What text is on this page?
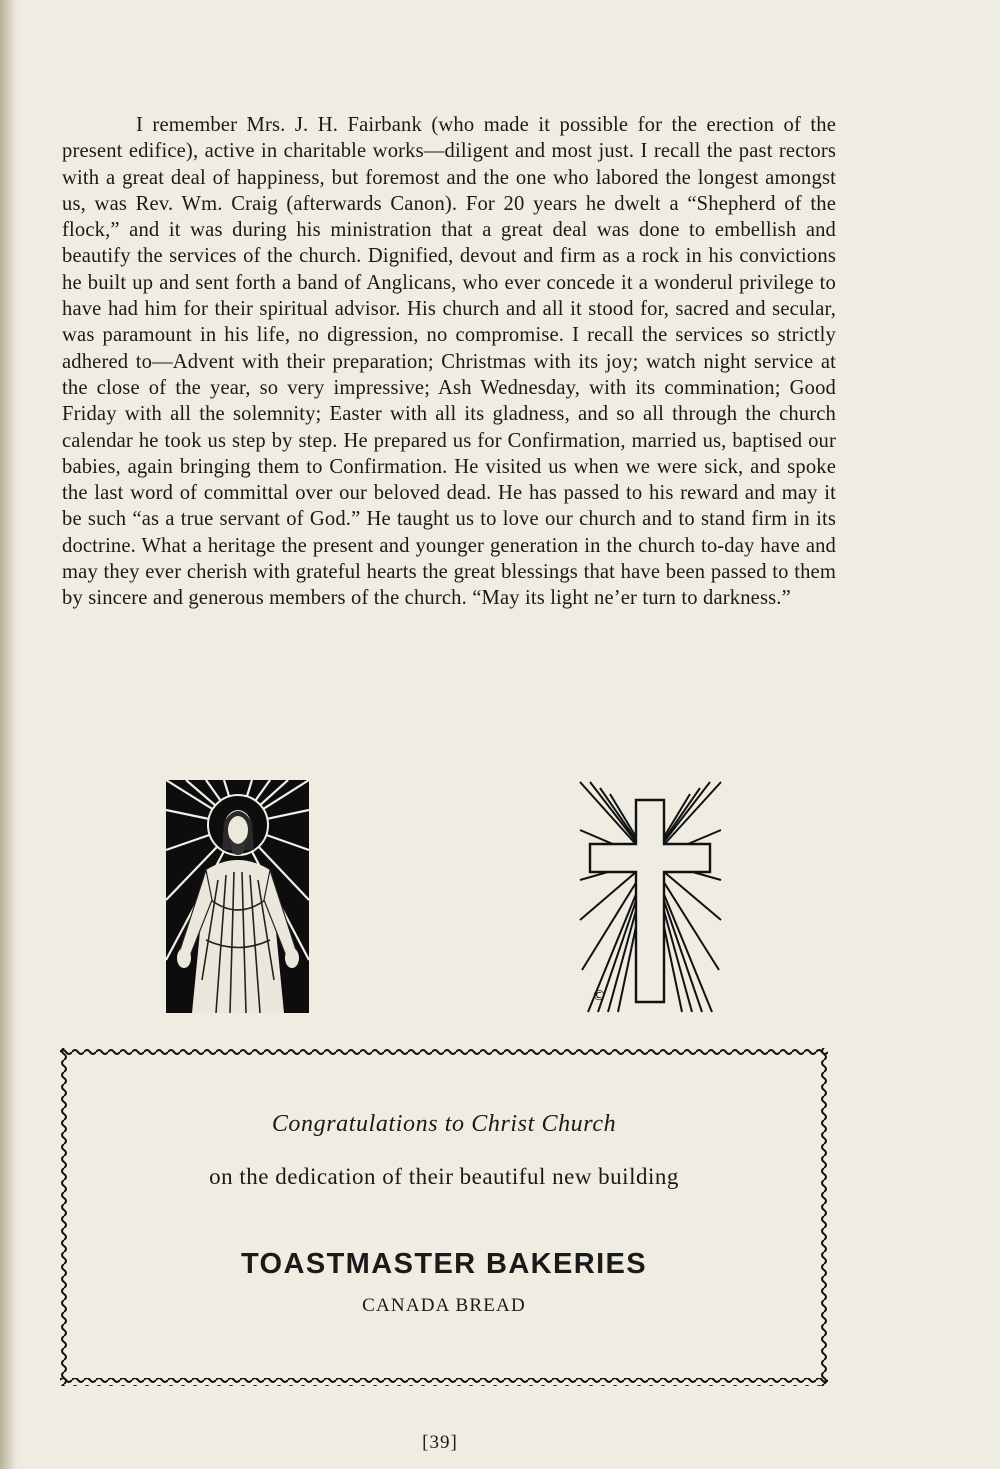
I remember Mrs. J. H. Fairbank (who made it possible for the erection of the present edifice), active in charitable works—diligent and most just. I recall the past rectors with a great deal of happiness, but foremost and the one who labored the longest amongst us, was Rev. Wm. Craig (afterwards Canon). For 20 years he dwelt a “Shepherd of the flock,” and it was during his ministration that a great deal was done to embellish and beautify the services of the church. Dignified, devout and firm as a rock in his convictions he built up and sent forth a band of Anglicans, who ever concede it a wonderul privilege to have had him for their spiritual advisor. His church and all it stood for, sacred and secular, was paramount in his life, no digression, no compromise. I recall the services so strictly adhered to—Advent with their preparation; Christmas with its joy; watch night service at the close of the year, so very impressive; Ash Wednesday, with its commination; Good Friday with all the solemnity; Easter with all its gladness, and so all through the church calendar he took us step by step. He prepared us for Confirmation, married us, baptised our babies, again bringing them to Confirmation. He visited us when we were sick, and spoke the last word of committal over our beloved dead. He has passed to his reward and may it be such “as a true servant of God.” He taught us to love our church and to stand firm in its doctrine. What a heritage the present and younger generation in the church to-day have and may they ever cherish with grateful hearts the great blessings that have been passed to them by sincere and generous members of the church. “May its light ne’er turn to darkness.”

©
Congratulations to Christ Church
on the dedication of their beautiful new building
TOASTMASTER BAKERIES
CANADA BREAD
[39]
